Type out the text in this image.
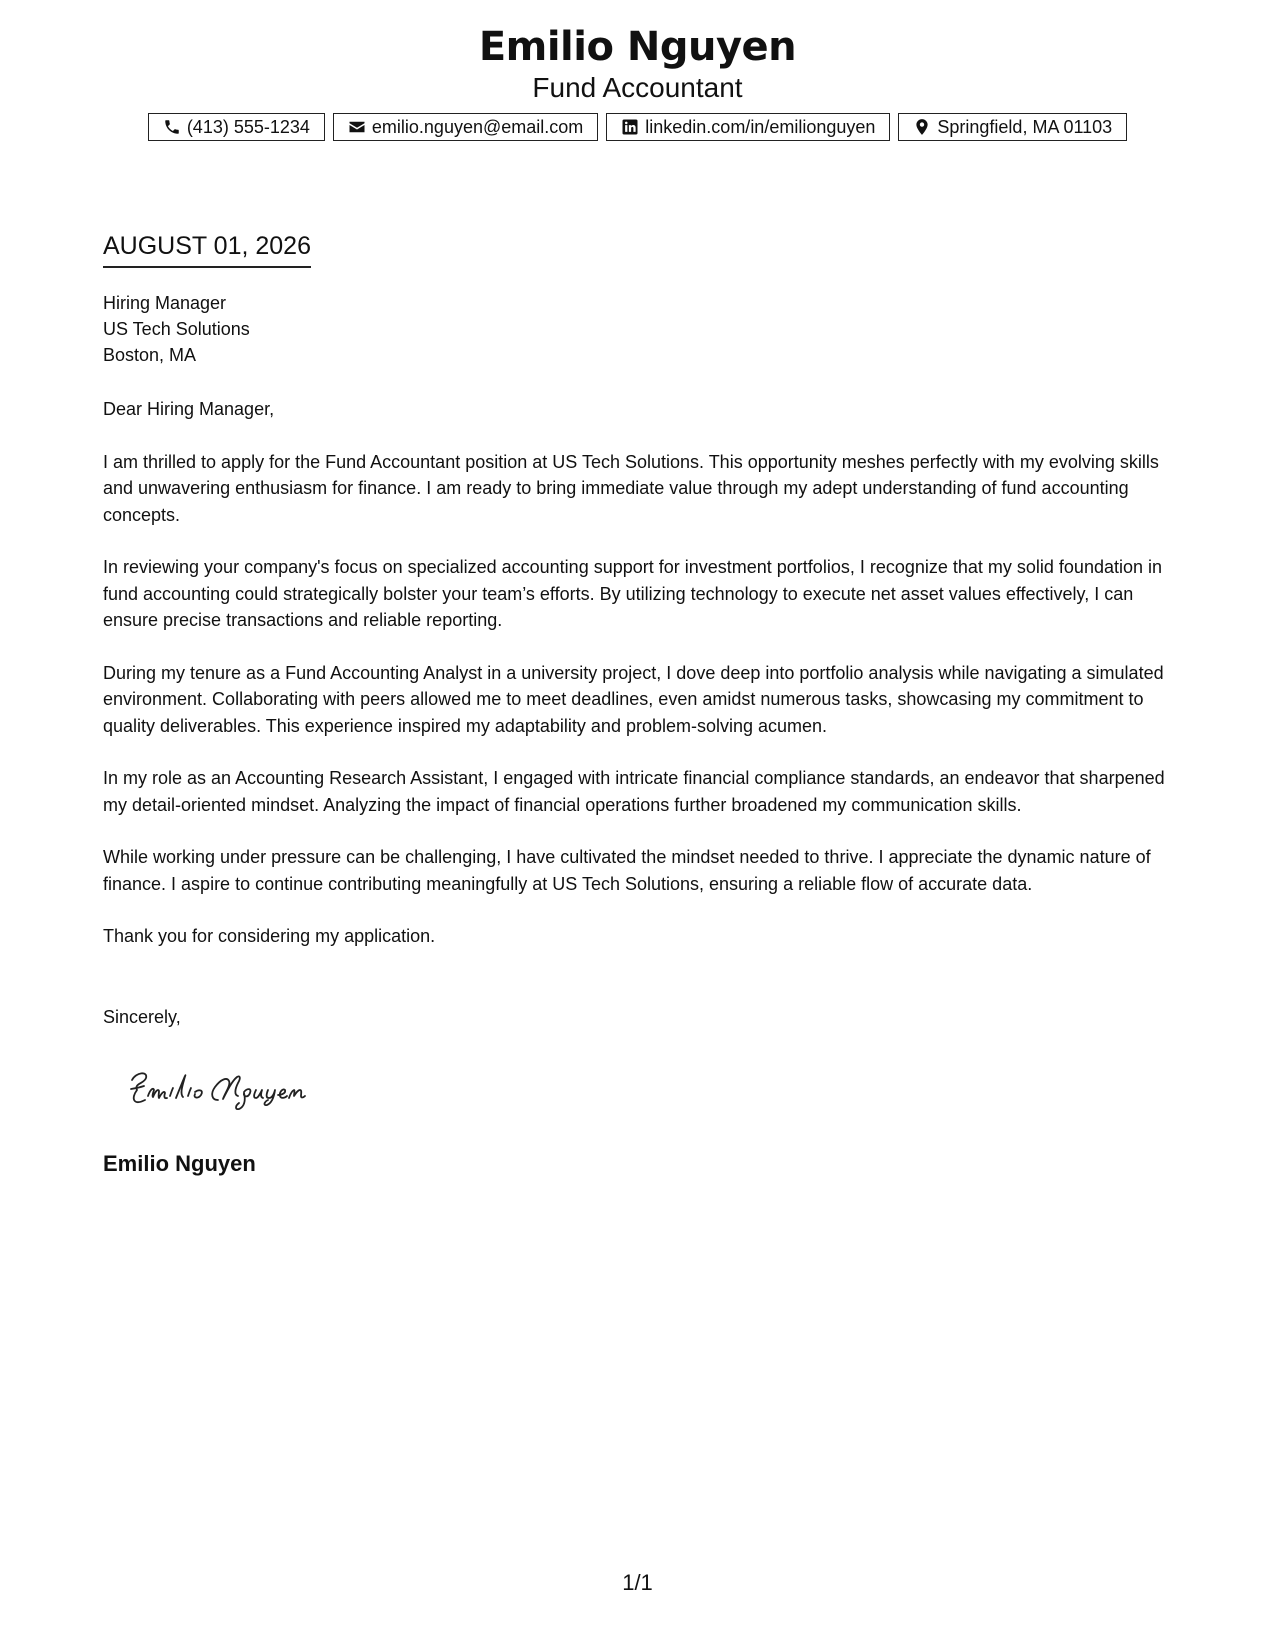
Emilio Nguyen
Fund Accountant
(413) 555-1234	emilio.nguyen@email.com	linkedin.com/in/emilionguyen	Springfield, MA 01103
AUGUST 01, 2026
Hiring Manager
US Tech Solutions
Boston, MA

Dear Hiring Manager,

I am thrilled to apply for the Fund Accountant position at US Tech Solutions. This opportunity meshes perfectly with my evolving skills and unwavering enthusiasm for finance. I am ready to bring immediate value through my adept understanding of fund accounting concepts.

In reviewing your company's focus on specialized accounting support for investment portfolios, I recognize that my solid foundation in fund accounting could strategically bolster your team’s efforts. By utilizing technology to execute net asset values effectively, I can ensure precise transactions and reliable reporting.

During my tenure as a Fund Accounting Analyst in a university project, I dove deep into portfolio analysis while navigating a simulated environment. Collaborating with peers allowed me to meet deadlines, even amidst numerous tasks, showcasing my commitment to quality deliverables. This experience inspired my adaptability and problem-solving acumen.

In my role as an Accounting Research Assistant, I engaged with intricate financial compliance standards, an endeavor that sharpened my detail-oriented mindset. Analyzing the impact of financial operations further broadened my communication skills.

While working under pressure can be challenging, I have cultivated the mindset needed to thrive. I appreciate the dynamic nature of finance. I aspire to continue contributing meaningfully at US Tech Solutions, ensuring a reliable flow of accurate data.

Thank you for considering my application.

Sincerely,
Emilio Nguyen
1/1
